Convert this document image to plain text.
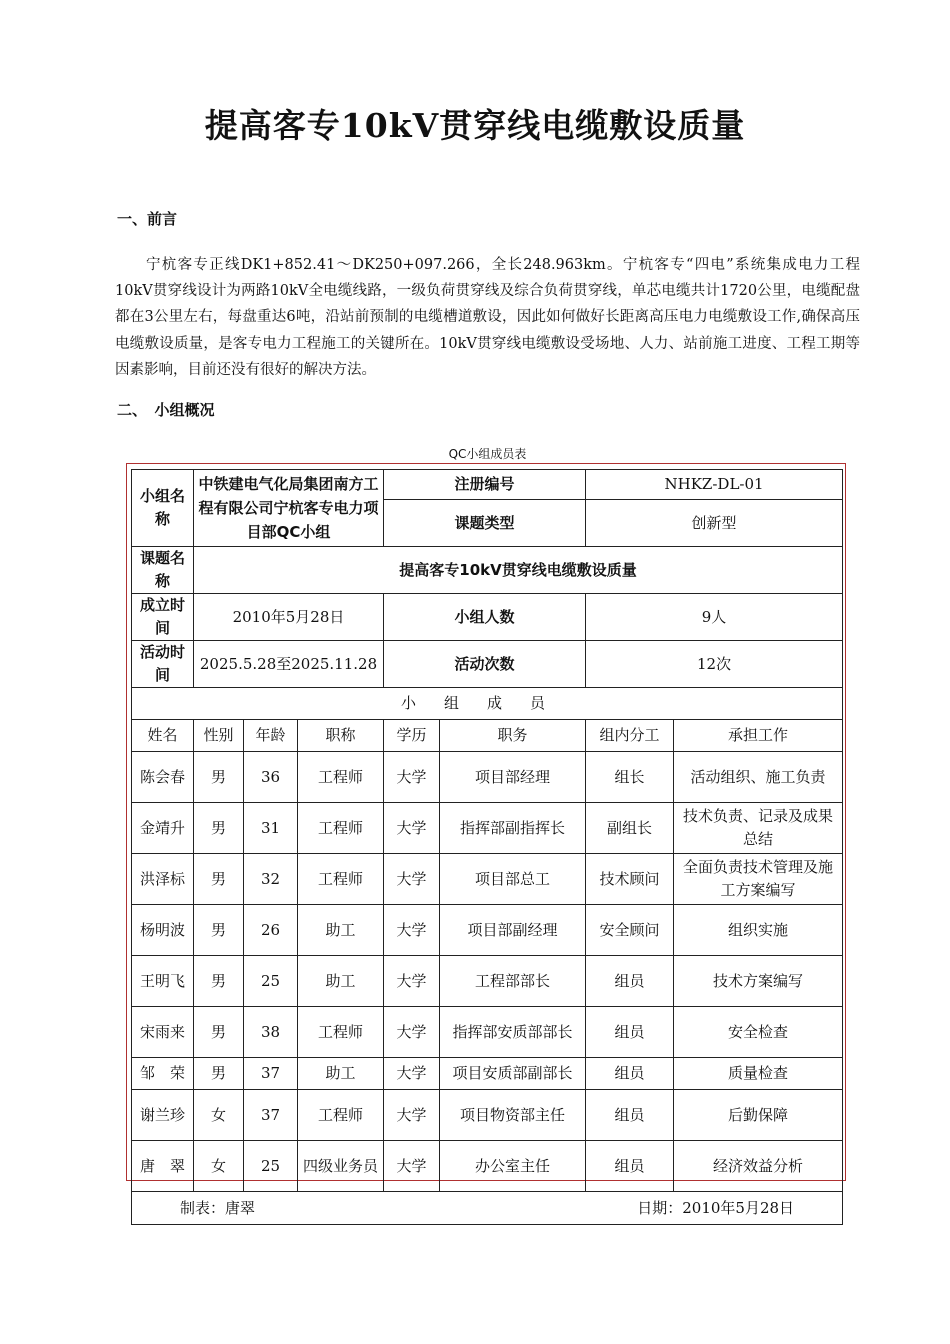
提高客专10kV贯穿线电缆敷设质量
一、前言
宁杭客专正线DK1+852.41～DK250+097.266，全长248.963km。宁杭客专“四电”系统集成电力工程10kV贯穿线设计为两路10kV全电缆线路，一级负荷贯穿线及综合负荷贯穿线，单芯电缆共计1720公里，电缆配盘都在3公里左右，每盘重达6吨，沿站前预制的电缆槽道敷设，因此如何做好长距离高压电力电缆敷设工作,确保高压电缆敷设质量，是客专电力工程施工的关键所在。10kV贯穿线电缆敷设受场地、人力、站前施工进度、工程工期等因素影响，目前还没有很好的解决方法。
二、　小组概况
QC小组成员表
小组名称	中铁建电气化局集团南方工程有限公司宁杭客专电力项目部QC小组			注册编号		NHKZ-DL-01	
				课题类型		创新型	
课题名称	提高客专10kV贯穿线电缆敷设质量						
成立时间	2010年5月28日			小组人数		9人	
活动时间	2025.5.28至2025.11.28			活动次数		12次	
小组成员							
姓名	性别	年龄	职称	学历	职务	组内分工	承担工作
陈会春	男	36	工程师	大学	项目部经理	组长	活动组织、施工负责
金靖升	男	31	工程师	大学	指挥部副指挥长	副组长	技术负责、记录及成果总结
洪泽标	男	32	工程师	大学	项目部总工	技术顾问	全面负责技术管理及施工方案编写
杨明波	男	26	助工	大学	项目部副经理	安全顾问	组织实施
王明飞	男	25	助工	大学	工程部部长	组员	技术方案编写
宋雨来	男	38	工程师	大学	指挥部安质部部长	组员	安全检查
邹　荣	男	37	助工	大学	项目安质部副部长	组员	质量检查
谢兰珍	女	37	工程师	大学	项目物资部主任	组员	后勤保障
唐　翠	女	25	四级业务员	大学	办公室主任	组员	经济效益分析
制表：唐翠				日期：2010年5月28日			
